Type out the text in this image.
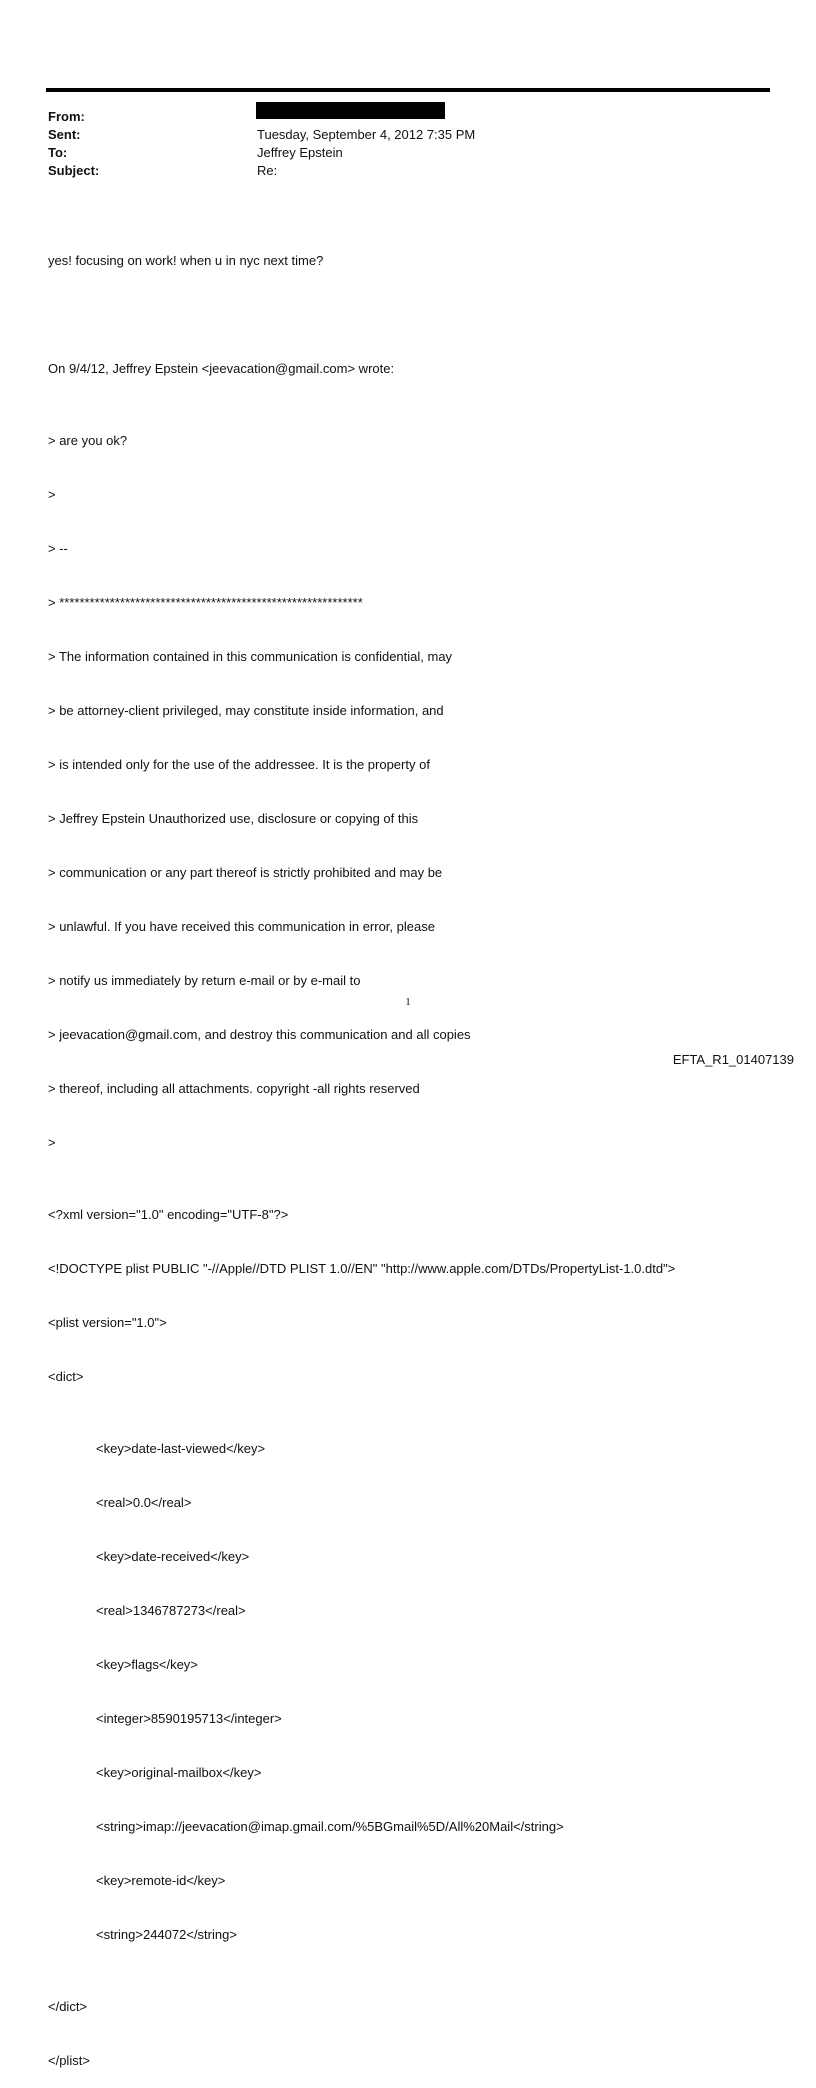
From:
Sent:	Tuesday, September 4, 2012 7:35 PM
To:	Jeffrey Epstein
Subject:	Re:

yes! focusing on work! when u in nyc next time?

On 9/4/12, Jeffrey Epstein <jeevacation@gmail.com> wrote:

> are you ok?

>

> --

> ************************************************************

> The information contained in this communication is confidential, may

> be attorney-client privileged, may constitute inside information, and

> is intended only for the use of the addressee. It is the property of

> Jeffrey Epstein Unauthorized use, disclosure or copying of this

> communication or any part thereof is strictly prohibited and may be

> unlawful. If you have received this communication in error, please

> notify us immediately by return e-mail or by e-mail to

> jeevacation@gmail.com, and destroy this communication and all copies

> thereof, including all attachments. copyright -all rights reserved

>

<?xml version="1.0" encoding="UTF-8"?>

<!DOCTYPE plist PUBLIC "-//Apple//DTD PLIST 1.0//EN" "http://www.apple.com/DTDs/PropertyList-1.0.dtd">

<plist version="1.0">

<dict>

<key>date-last-viewed</key>

<real>0.0</real>

<key>date-received</key>

<real>1346787273</real>

<key>flags</key>

<integer>8590195713</integer>

<key>original-mailbox</key>

<string>imap://jeevacation@imap.gmail.com/%5BGmail%5D/All%20Mail</string>

<key>remote-id</key>

<string>244072</string>

</dict>

</plist>

1
EFTA_R1_01407139
